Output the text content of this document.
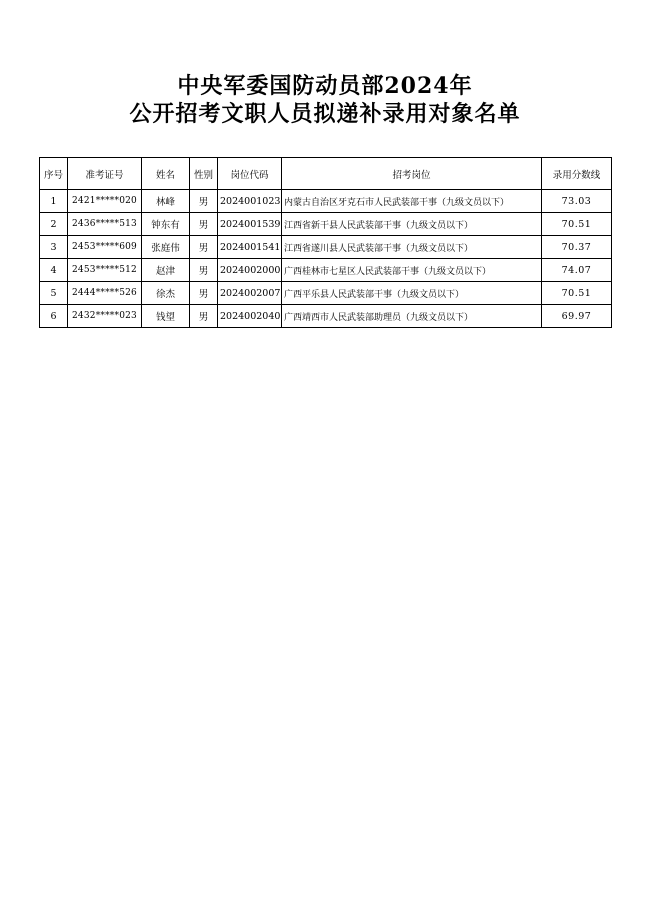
中央军委国防动员部2024年
公开招考文职人员拟递补录用对象名单
序号	准考证号	姓名	性别	岗位代码	招考岗位	录用分数线
1	2421*****020	林峰	男	2024001023	内蒙古自治区牙克石市人民武装部干事（九级文员以下）	73.03
2	2436*****513	钟东有	男	2024001539	江西省新干县人民武装部干事（九级文员以下）	70.51
3	2453*****609	张庭伟	男	2024001541	江西省遂川县人民武装部干事（九级文员以下）	70.37
4	2453*****512	赵津	男	2024002000	广西桂林市七星区人民武装部干事（九级文员以下）	74.07
5	2444*****526	徐杰	男	2024002007	广西平乐县人民武装部干事（九级文员以下）	70.51
6	2432*****023	钱望	男	2024002040	广西靖西市人民武装部助理员（九级文员以下）	69.97
